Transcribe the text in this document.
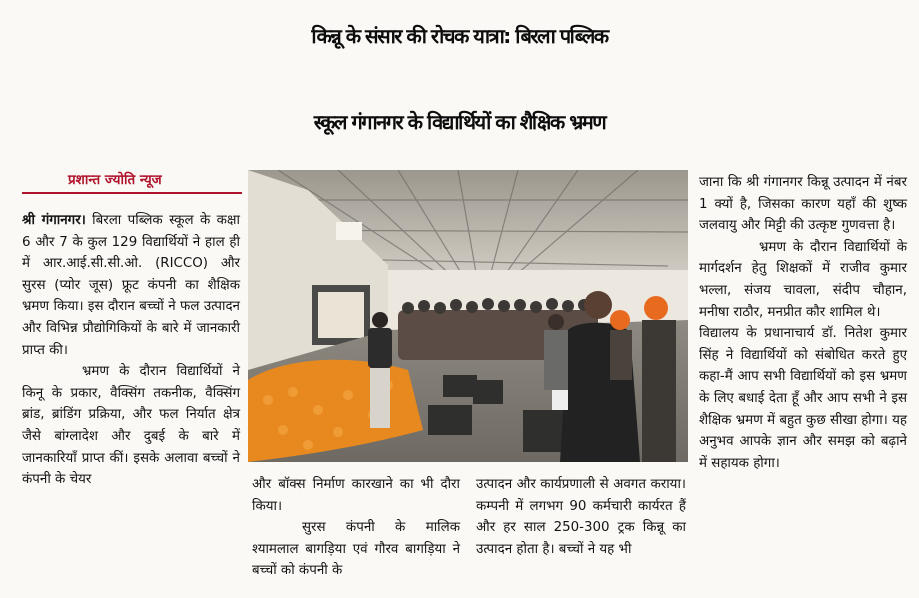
किन्नू के संसार की रोचक यात्रा: बिरला पब्लिक
स्कूल गंगानगर के विद्यार्थियों का शैक्षिक भ्रमण
प्रशान्त ज्योति न्यूज

श्री गंगानगर। बिरला पब्लिक स्कूल के कक्षा 6 और 7 के कुल 129 विद्यार्थियों ने हाल ही में आर.आई.सी.सी.ओ. (RICCO) और सुरस (प्योर जूस) फ्रूट कंपनी का शैक्षिक भ्रमण किया। इस दौरान बच्चों ने फल उत्पादन और विभिन्न प्रौद्योगिकियों के बारे में जानकारी प्राप्त की।

भ्रमण के दौरान विद्यार्थियों ने किनू के प्रकार, वैक्सिंग तकनीक, वैक्सिंग ब्रांड, ब्रांडिंग प्रक्रिया, और फल निर्यात क्षेत्र जैसे बांग्लादेश और दुबई के बारे में जानकारियाँ प्राप्त कीं। इसके अलावा बच्चों ने कंपनी के चेयर	और बॉक्स निर्माण कारखाने का भी दौरा किया।

सुरस कंपनी के मालिक श्यामलाल बागड़िया एवं गौरव बागड़िया ने बच्चों को कंपनी के

उत्पादन और कार्यप्रणाली से अवगत कराया। कम्पनी में लगभग 90 कर्मचारी कार्यरत हैं और हर साल 250-300 ट्रक किन्नू का उत्पादन होता है। बच्चों ने यह भी

जाना कि श्री गंगानगर किन्नू उत्पादन में नंबर 1 क्यों है, जिसका कारण यहाँ की शुष्क जलवायु और मिट्टी की उत्कृष्ट गुणवत्ता है।

भ्रमण के दौरान विद्यार्थियों के मार्गदर्शन हेतु शिक्षकों में राजीव कुमार भल्ला, संजय चावला, संदीप चौहान, मनीषा राठौर, मनप्रीत कौर शामिल थे।

विद्यालय के प्रधानाचार्य डॉ. नितेश कुमार सिंह ने विद्यार्थियों को संबोधित करते हुए कहा-मैं आप सभी विद्यार्थियों को इस भ्रमण के लिए बधाई देता हूँ और आप सभी ने इस शैक्षिक भ्रमण में बहुत कुछ सीखा होगा। यह अनुभव आपके ज्ञान और समझ को बढ़ाने में सहायक होगा।
